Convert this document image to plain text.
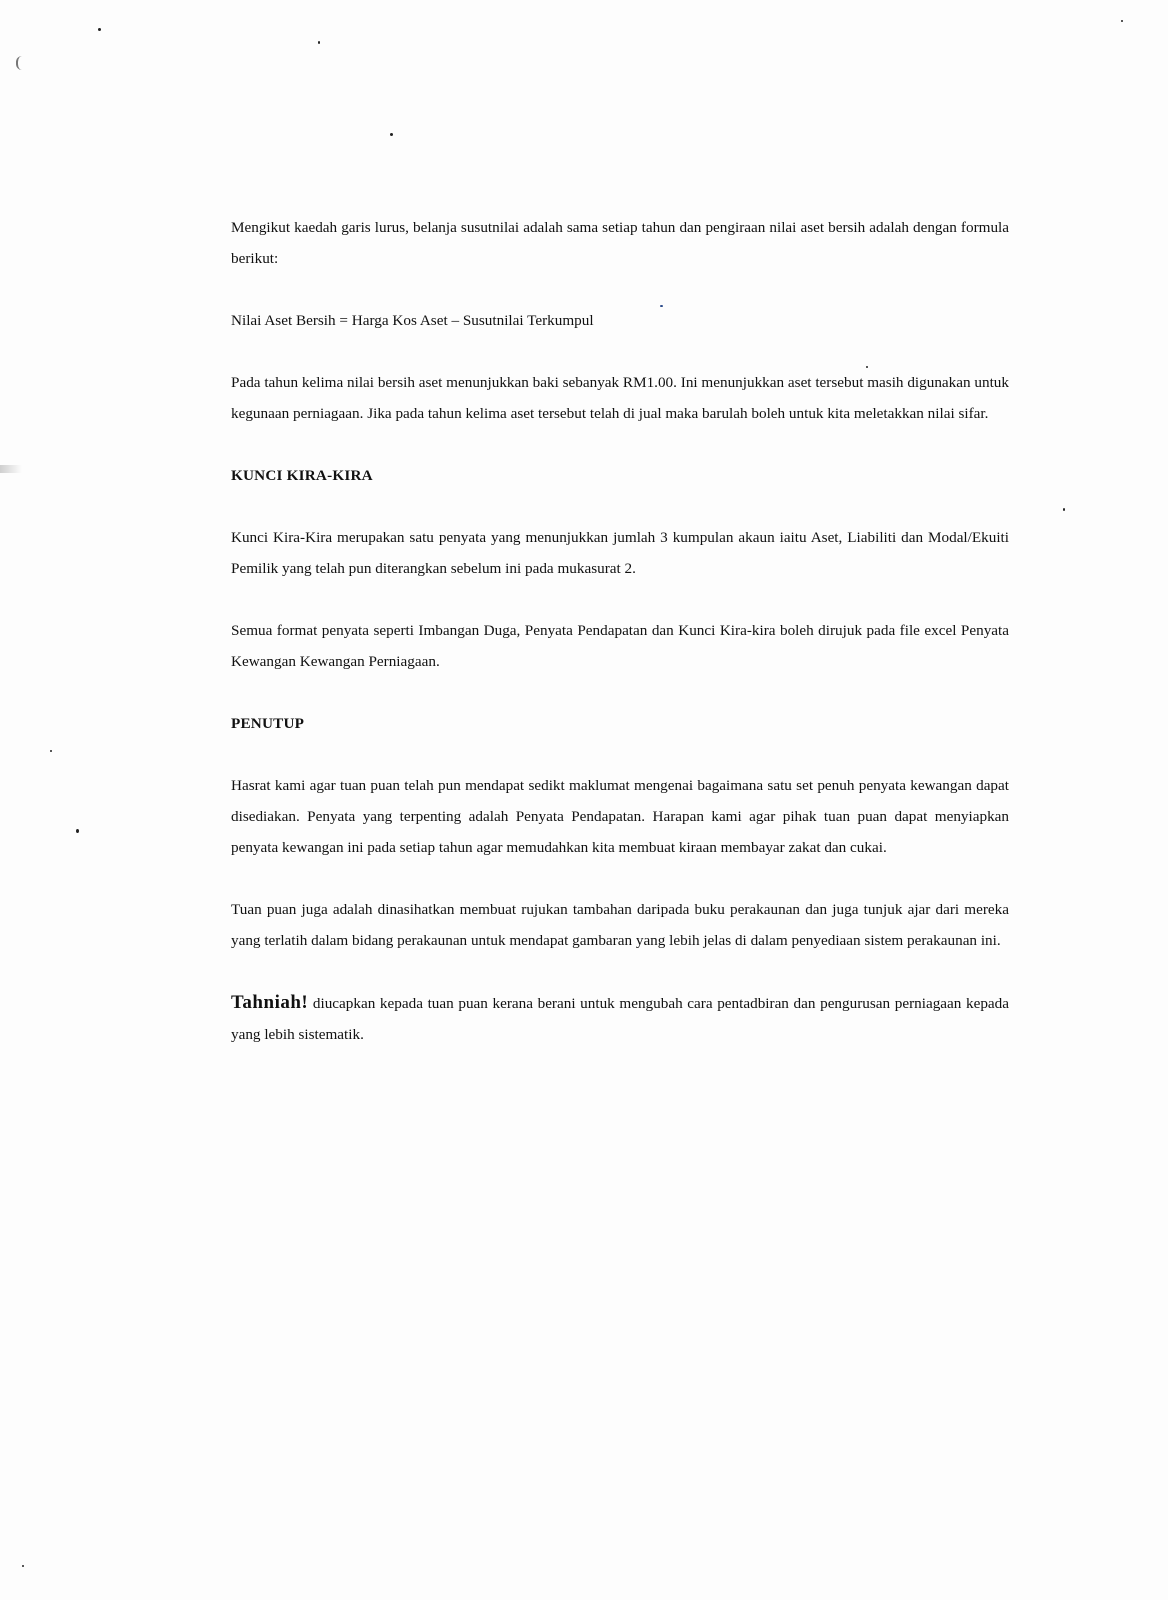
Mengikut kaedah garis lurus, belanja susutnilai adalah sama setiap tahun dan pengiraan nilai aset bersih adalah dengan formula berikut:

Nilai Aset Bersih = Harga Kos Aset – Susutnilai Terkumpul

Pada tahun kelima nilai bersih aset menunjukkan baki sebanyak RM1.00. Ini menunjukkan aset tersebut masih digunakan untuk kegunaan perniagaan. Jika pada tahun kelima aset tersebut telah di jual maka barulah boleh untuk kita meletakkan nilai sifar.

KUNCI KIRA-KIRA

Kunci Kira-Kira merupakan satu penyata yang menunjukkan jumlah 3 kumpulan akaun iaitu Aset, Liabiliti dan Modal/Ekuiti Pemilik yang telah pun diterangkan sebelum ini pada mukasurat 2.

Semua format penyata seperti Imbangan Duga, Penyata Pendapatan dan Kunci Kira-kira boleh dirujuk pada file excel Penyata Kewangan Kewangan Perniagaan.

PENUTUP

Hasrat kami agar tuan puan telah pun mendapat sedikt maklumat mengenai bagaimana satu set penuh penyata kewangan dapat disediakan. Penyata yang terpenting adalah Penyata Pendapatan. Harapan kami agar pihak tuan puan dapat menyiapkan penyata kewangan ini pada setiap tahun agar memudahkan kita membuat kiraan membayar zakat dan cukai.

Tuan puan juga adalah dinasihatkan membuat rujukan tambahan daripada buku perakaunan dan juga tunjuk ajar dari mereka yang terlatih dalam bidang perakaunan untuk mendapat gambaran yang lebih jelas di dalam penyediaan sistem perakaunan ini.

Tahniah! diucapkan kepada tuan puan kerana berani untuk mengubah cara pentadbiran dan pengurusan perniagaan kepada yang lebih sistematik.
